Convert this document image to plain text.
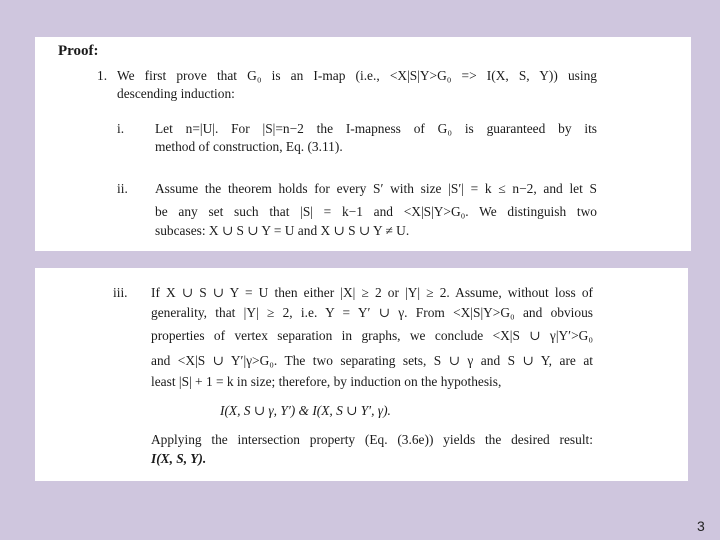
Proof:
1. We first prove that G₀ is an I-map (i.e., <X|S|Y>G₀ => I(X, S, Y)) using
descending induction:
i. Let n=|U|. For |S|=n−2 the I-mapness of G₀ is guaranteed by its
method of construction, Eq. (3.11).
ii. Assume the theorem holds for every S′ with size |S′| = k ≤ n−2, and let S
be any set such that |S| = k−1 and <X|S|Y>G₀. We distinguish two
subcases: X ∪ S ∪ Y = U and X ∪ S ∪ Y ≠ U.
iii. If X ∪ S ∪ Y = U then either |X| ≥ 2 or |Y| ≥ 2. Assume, without loss of
generality, that |Y| ≥ 2, i.e. Y = Y′ ∪ γ. From <X|S|Y>G₀ and obvious
properties of vertex separation in graphs, we conclude <X|S ∪ γ|Y′>G₀
and <X|S ∪ Y′|γ>G₀. The two separating sets, S ∪ γ and S ∪ Y, are at
least |S| + 1 = k in size; therefore, by induction on the hypothesis,
I(X, S ∪ γ, Y′) & I(X, S ∪ Y′, γ).
Applying the intersection property (Eq. (3.6e)) yields the desired result:
I(X, S, Y).
3
